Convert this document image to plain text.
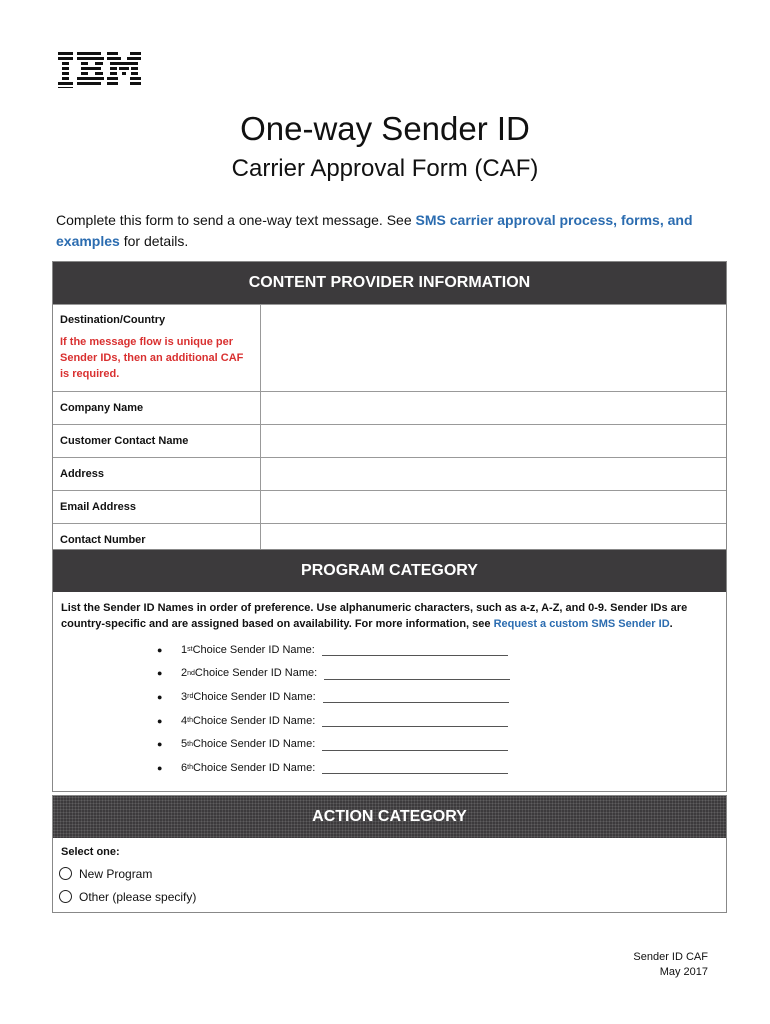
One-way Sender ID
Carrier Approval Form (CAF)
Complete this form to send a one-way text message. See SMS carrier approval process, forms, and examples for details.
CONTENT PROVIDER INFORMATION
Destination/Country
If the message flow is unique per Sender IDs, then an additional CAF is required.
Company Name
Customer Contact Name
Address
Email Address
Contact Number
PROGRAM CATEGORY
List the Sender ID Names in order of preference. Use alphanumeric characters, such as a-z, A-Z, and 0-9. Sender IDs are country-specific and are assigned based on availability. For more information, see Request a custom SMS Sender ID.
●	1 st Choice Sender ID Name:
●	2 nd Choice Sender ID Name:
●	3 rd Choice Sender ID Name:
●	4 th Choice Sender ID Name:
●	5 th Choice Sender ID Name:
●	6 th Choice Sender ID Name:
ACTION CATEGORY
Select one:
New Program
Other (please specify)
Sender ID CAF
May 2017
